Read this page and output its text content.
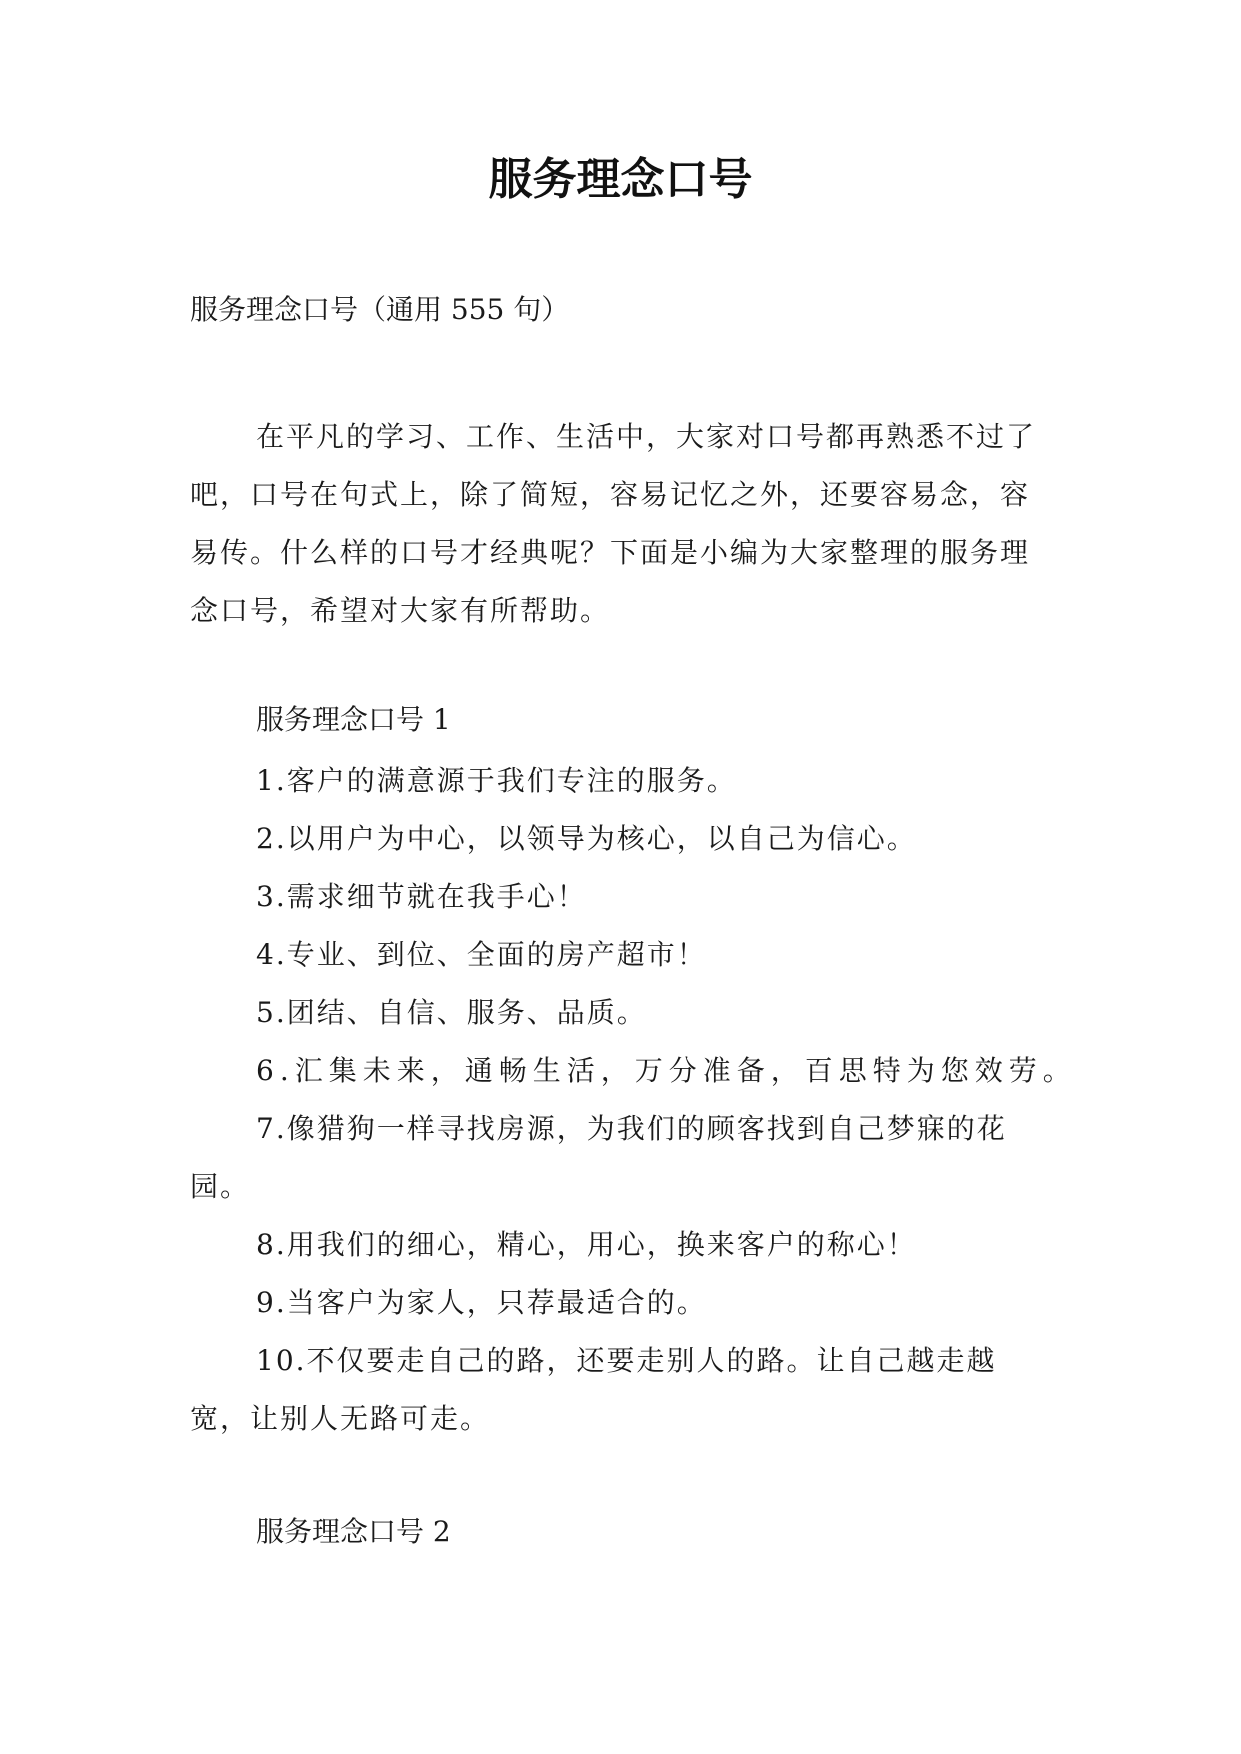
服务理念口号
服务理念口号（通用 555 句）
在平凡的学习、工作、生活中，大家对口号都再熟悉不过了吧，口号在句式上，除了简短，容易记忆之外，还要容易念，容易传。什么样的口号才经典呢？下面是小编为大家整理的服务理念口号，希望对大家有所帮助。
服务理念口号 1
1.客户的满意源于我们专注的服务。
2.以用户为中心，以领导为核心，以自己为信心。
3.需求细节就在我手心！
4.专业、到位、全面的房产超市！
5.团结、自信、服务、品质。
6.汇集未来，通畅生活，万分准备，百思特为您效劳。
7.像猎狗一样寻找房源，为我们的顾客找到自己梦寐的花园。
8.用我们的细心，精心，用心，换来客户的称心！
9.当客户为家人，只荐最适合的。
10.不仅要走自己的路，还要走别人的路。让自己越走越宽，让别人无路可走。
服务理念口号 2
